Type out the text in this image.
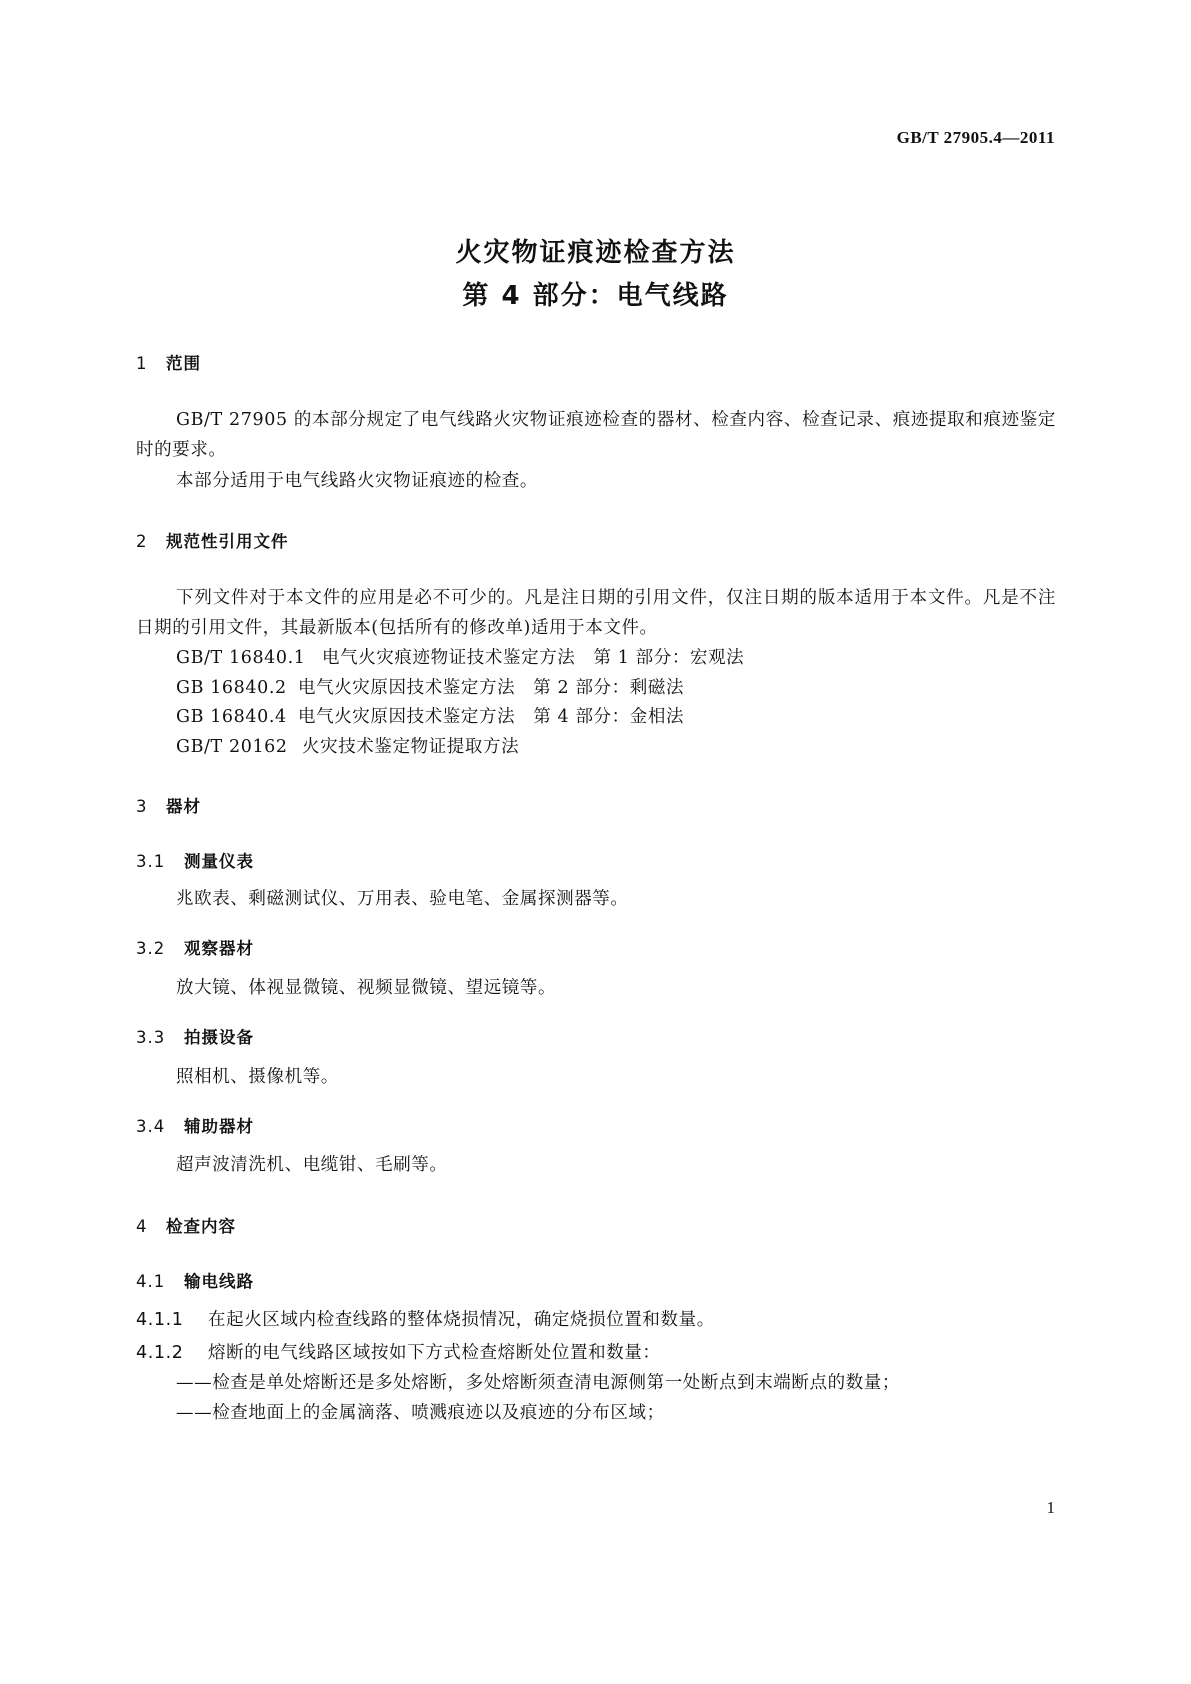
GB/T 27905.4—2011
火灾物证痕迹检查方法
第 4 部分：电气线路
1 范围
GB/T 27905 的本部分规定了电气线路火灾物证痕迹检查的器材、检查内容、检查记录、痕迹提取和痕迹鉴定时的要求。
本部分适用于电气线路火灾物证痕迹的检查。
2 规范性引用文件
下列文件对于本文件的应用是必不可少的。凡是注日期的引用文件，仅注日期的版本适用于本文件。凡是不注日期的引用文件，其最新版本(包括所有的修改单)适用于本文件。
GB/T 16840.1 电气火灾痕迹物证技术鉴定方法　第 1 部分：宏观法
GB 16840.2 电气火灾原因技术鉴定方法　第 2 部分：剩磁法
GB 16840.4 电气火灾原因技术鉴定方法　第 4 部分：金相法
GB/T 20162 火灾技术鉴定物证提取方法
3 器材
3.1 测量仪表
兆欧表、剩磁测试仪、万用表、验电笔、金属探测器等。
3.2 观察器材
放大镜、体视显微镜、视频显微镜、望远镜等。
3.3 拍摄设备
照相机、摄像机等。
3.4 辅助器材
超声波清洗机、电缆钳、毛刷等。
4 检查内容
4.1 输电线路
4.1.1 在起火区域内检查线路的整体烧损情况，确定烧损位置和数量。
4.1.2 熔断的电气线路区域按如下方式检查熔断处位置和数量：
——检查是单处熔断还是多处熔断，多处熔断须查清电源侧第一处断点到末端断点的数量；
——检查地面上的金属滴落、喷溅痕迹以及痕迹的分布区域；
1
